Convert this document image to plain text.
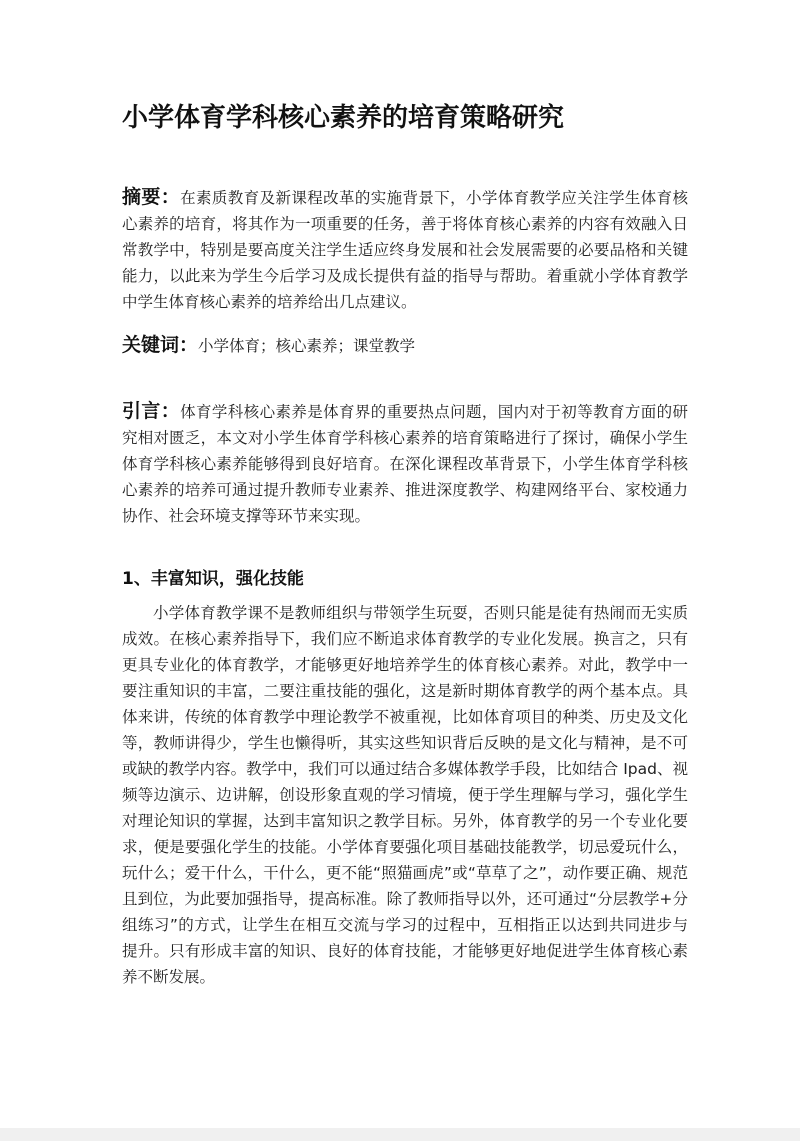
小学体育学科核心素养的培育策略研究

摘要：在素质教育及新课程改革的实施背景下，小学体育教学应关注学生体育核心素养的培育，将其作为一项重要的任务，善于将体育核心素养的内容有效融入日常教学中，特别是要高度关注学生适应终身发展和社会发展需要的必要品格和关键能力，以此来为学生今后学习及成长提供有益的指导与帮助。着重就小学体育教学中学生体育核心素养的培养给出几点建议。

关键词：小学体育；核心素养；课堂教学

引言：体育学科核心素养是体育界的重要热点问题，国内对于初等教育方面的研究相对匮乏，本文对小学生体育学科核心素养的培育策略进行了探讨，确保小学生体育学科核心素养能够得到良好培育。在深化课程改革背景下，小学生体育学科核心素养的培养可通过提升教师专业素养、推进深度教学、构建网络平台、家校通力协作、社会环境支撑等环节来实现。

1、丰富知识，强化技能

小学体育教学课不是教师组织与带领学生玩耍，否则只能是徒有热闹而无实质成效。在核心素养指导下，我们应不断追求体育教学的专业化发展。换言之，只有更具专业化的体育教学，才能够更好地培养学生的体育核心素养。对此，教学中一要注重知识的丰富，二要注重技能的强化，这是新时期体育教学的两个基本点。具体来讲，传统的体育教学中理论教学不被重视，比如体育项目的种类、历史及文化等，教师讲得少，学生也懒得听，其实这些知识背后反映的是文化与精神，是不可或缺的教学内容。教学中，我们可以通过结合多媒体教学手段，比如结合 Ipad、视频等边演示、边讲解，创设形象直观的学习情境，便于学生理解与学习，强化学生对理论知识的掌握，达到丰富知识之教学目标。另外，体育教学的另一个专业化要求，便是要强化学生的技能。小学体育要强化项目基础技能教学，切忌爱玩什么，玩什么；爱干什么，干什么，更不能“照猫画虎”或“草草了之”，动作要正确、规范且到位，为此要加强指导，提高标准。除了教师指导以外，还可通过“分层教学+分组练习”的方式，让学生在相互交流与学习的过程中，互相指正以达到共同进步与提升。只有形成丰富的知识、良好的体育技能，才能够更好地促进学生体育核心素养不断发展。
